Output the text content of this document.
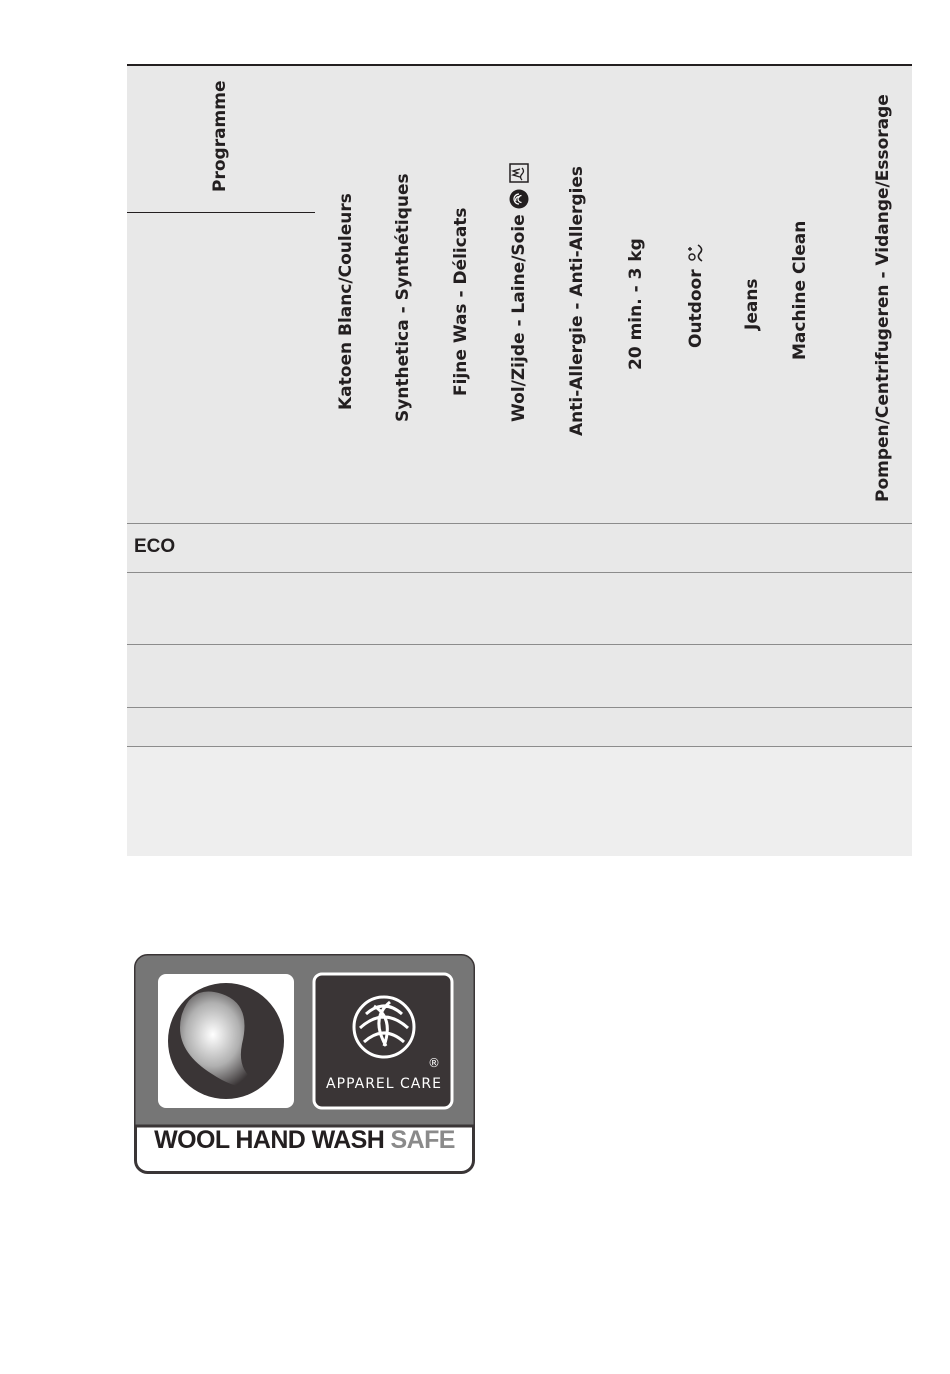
Programme
Katoen Blanc/Couleurs Synthetica - Synthétiques Fijne Was - Délicats Wol/Zijde - Laine/Soie Anti-Allergie - Anti-Allergies 20 min. - 3 kg Outdoor Jeans Machine Clean	Pompen/Centrifugeren - Vidange/Essorage
ECO
®
APPAREL CARE
WOOL HAND WASH SAFE
